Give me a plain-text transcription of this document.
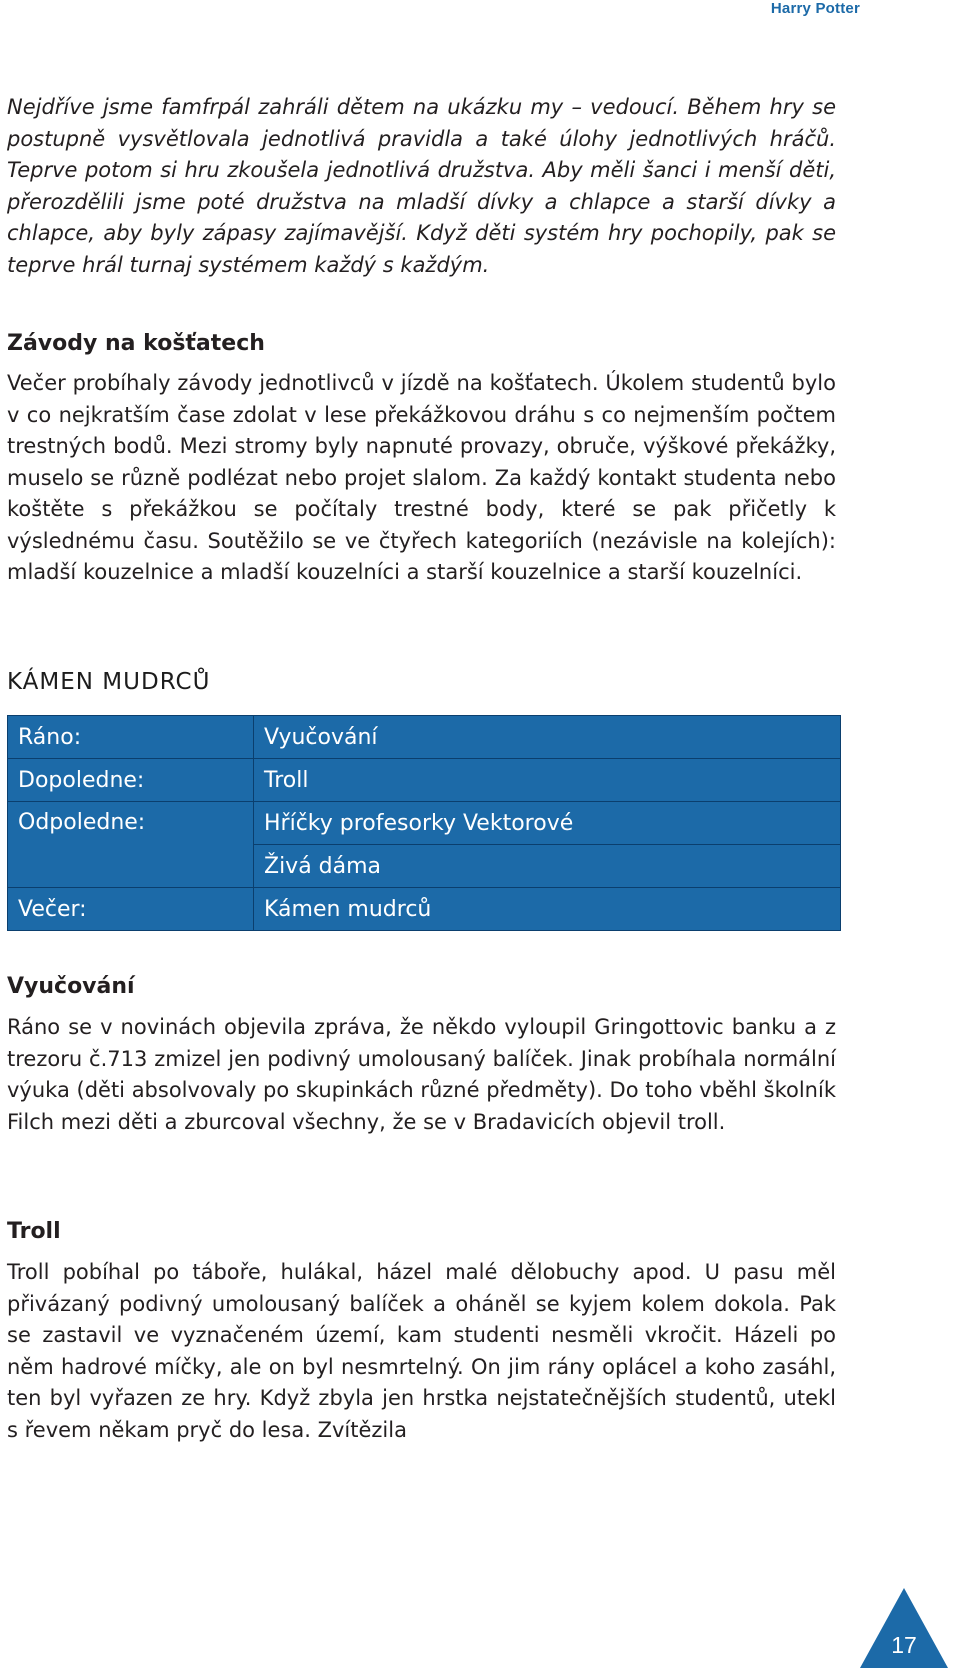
Harry Potter

Nejdříve jsme famfrpál zahráli dětem na ukázku my – vedoucí. Během hry se postupně vysvětlovala jednotlivá pravidla a také úlohy jednotlivých hráčů. Teprve potom si hru zkoušela jednotlivá družstva. Aby měli šanci i menší děti, přerozdělili jsme poté družstva na mladší dívky a chlapce a starší dívky a chlapce, aby byly zápasy zajímavější. Když děti systém hry pochopily, pak se teprve hrál turnaj systémem každý s každým.

Závody na košťatech

Večer probíhaly závody jednotlivců v jízdě na košťatech. Úkolem studentů bylo v co nejkratším čase zdolat v lese překážkovou dráhu s co nejmenším počtem trestných bodů. Mezi stromy byly napnuté provazy, obruče, výškové překážky, muselo se různě podlézat nebo projet slalom. Za každý kontakt studenta nebo koštěte s překážkou se počítaly trestné body, které se pak přičetly k výslednému času. Soutěžilo se ve čtyřech kategoriích (nezávisle na kolejích): mladší kouzelnice a mladší kouzelníci a starší kouzelnice a starší kouzelníci.

KÁMEN MUDRCŮ
Ráno:	Vyučování
Dopoledne:	Troll
Odpoledne:	Hříčky profesorky Vektorové
	Živá dáma
Večer:	Kámen mudrců
Vyučování

Ráno se v novinách objevila zpráva, že někdo vyloupil Gringottovic banku a z trezoru č.713 zmizel jen podivný umolousaný balíček. Jinak probíhala normální výuka (děti absolvovaly po skupinkách různé předměty). Do toho vběhl školník Filch mezi děti a zburcoval všechny, že se v Bradavicích objevil troll.

Troll

Troll pobíhal po táboře, hulákal, házel malé dělobuchy apod. U pasu měl přivázaný podivný umolousaný balíček a oháněl se kyjem kolem dokola. Pak se zastavil ve vyznačeném území, kam studenti nesměli vkročit. Házeli po něm hadrové míčky, ale on byl nesmrtelný. On jim rány oplácel a koho zasáhl, ten byl vyřazen ze hry. Když zbyla jen hrstka nejstatečnějších studentů, utekl s řevem někam pryč do lesa. Zvítězila

17
